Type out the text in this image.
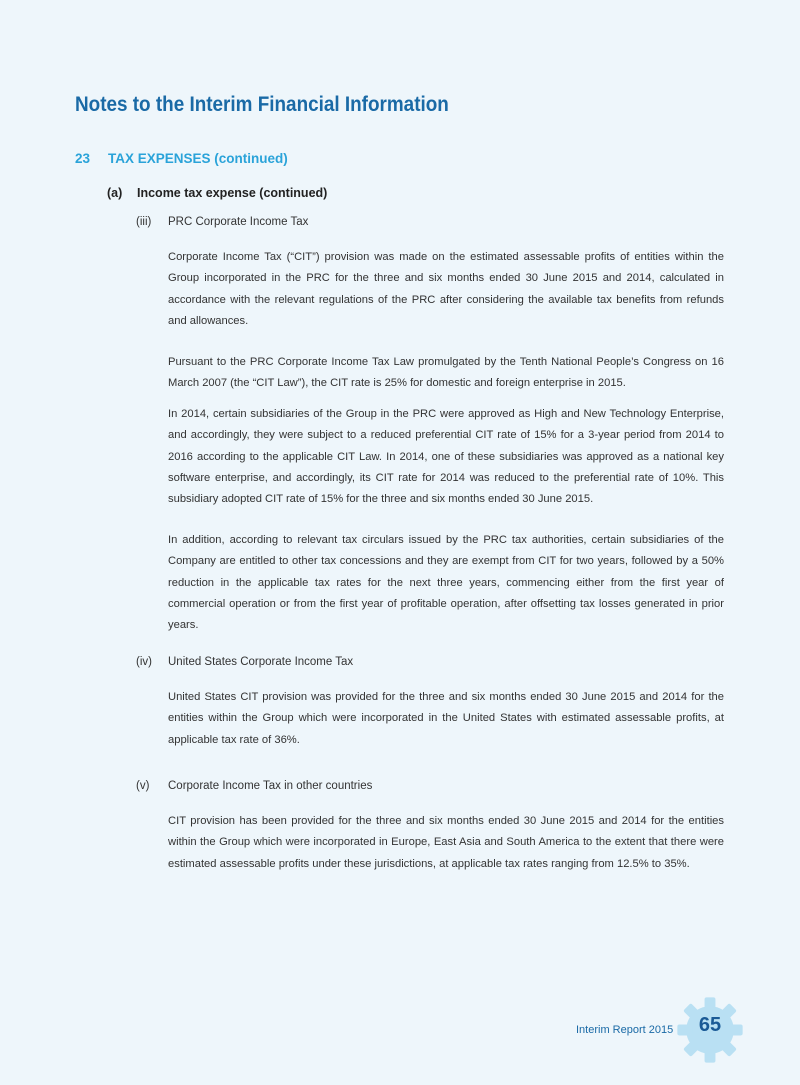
Notes to the Interim Financial Information
23 TAX EXPENSES (continued)
(a) Income tax expense (continued)
(iii) PRC Corporate Income Tax

Corporate Income Tax (“CIT”) provision was made on the estimated assessable profits of entities within the Group incorporated in the PRC for the three and six months ended 30 June 2015 and 2014, calculated in accordance with the relevant regulations of the PRC after considering the available tax benefits from refunds and allowances.

Pursuant to the PRC Corporate Income Tax Law promulgated by the Tenth National People’s Congress on 16 March 2007 (the “CIT Law”), the CIT rate is 25% for domestic and foreign enterprise in 2015.

In 2014, certain subsidiaries of the Group in the PRC were approved as High and New Technology Enterprise, and accordingly, they were subject to a reduced preferential CIT rate of 15% for a 3-year period from 2014 to 2016 according to the applicable CIT Law. In 2014, one of these subsidiaries was approved as a national key software enterprise, and accordingly, its CIT rate for 2014 was reduced to the preferential rate of 10%. This subsidiary adopted CIT rate of 15% for the three and six months ended 30 June 2015.

In addition, according to relevant tax circulars issued by the PRC tax authorities, certain subsidiaries of the Company are entitled to other tax concessions and they are exempt from CIT for two years, followed by a 50% reduction in the applicable tax rates for the next three years, commencing either from the first year of commercial operation or from the first year of profitable operation, after offsetting tax losses generated in prior years.

(iv) United States Corporate Income Tax

United States CIT provision was provided for the three and six months ended 30 June 2015 and 2014 for the entities within the Group which were incorporated in the United States with estimated assessable profits, at applicable tax rate of 36%.

(v) Corporate Income Tax in other countries

CIT provision has been provided for the three and six months ended 30 June 2015 and 2014 for the entities within the Group which were incorporated in Europe, East Asia and South America to the extent that there were estimated assessable profits under these jurisdictions, at applicable tax rates ranging from 12.5% to 35%.

Interim Report 2015	65
